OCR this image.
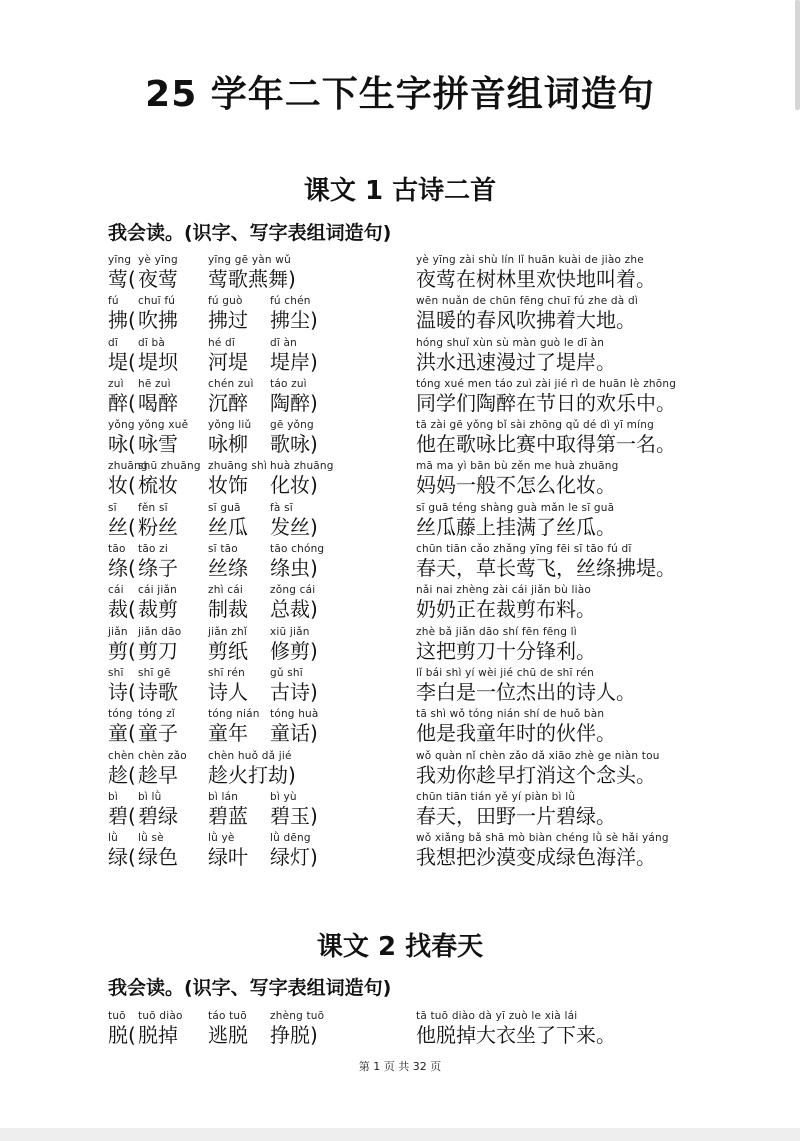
25 学年二下生字拼音组词造句
课文 1 古诗二首
我会读。(识字、写字表组词造句)
yīng
莺(
yè yīng
夜莺
yīng gē yàn wǔ
莺歌燕舞)
yè yīng zài shù lín lǐ huān kuài de jiào zhe
夜莺在树林里欢快地叫着。
fú
拂(
chuī fú
吹拂
fú guò
拂过
fú chén
拂尘)
wēn nuǎn de chūn fēng chuī fú zhe dà dì
温暖的春风吹拂着大地。
dī
堤(
dī bà
堤坝
hé dī
河堤
dī àn
堤岸)
hóng shuǐ xùn sù màn guò le dī àn
洪水迅速漫过了堤岸。
zuì
醉(
hē zuì
喝醉
chén zuì
沉醉
táo zuì
陶醉)
tóng xué men táo zuì zài jié rì de huān lè zhōng
同学们陶醉在节日的欢乐中。
yǒng
咏(
yǒng xuě
咏雪
yǒng liǔ
咏柳
gē yǒng
歌咏)
tā zài gē yǒng bǐ sài zhōng qǔ dé dì yī míng
他在歌咏比赛中取得第一名。
zhuāng
妆(
shū zhuāng
梳妆
zhuāng shì
妆饰
huà zhuāng
化妆)
mā ma yì bān bù zěn me huà zhuāng
妈妈一般不怎么化妆。
sī
丝(
fěn sī
粉丝
sī guā
丝瓜
fà sī
发丝)
sī guā téng shàng guà mǎn le sī guā
丝瓜藤上挂满了丝瓜。
tāo
绦(
tāo zi
绦子
sī tāo
丝绦
tāo chóng
绦虫)
chūn tiān cǎo zhǎng yīng fēi sī tāo fú dī
春天，草长莺飞，丝绦拂堤。
cái
裁(
cái jiǎn
裁剪
zhì cái
制裁
zǒng cái
总裁)
nǎi nai zhèng zài cái jiǎn bù liào
奶奶正在裁剪布料。
jiǎn
剪(
jiǎn dāo
剪刀
jiǎn zhǐ
剪纸
xiū jiǎn
修剪)
zhè bǎ jiǎn dāo shí fēn fēng lì
这把剪刀十分锋利。
shī
诗(
shī gē
诗歌
shī rén
诗人
gǔ shī
古诗)
lǐ bái shì yí wèi jié chū de shī rén
李白是一位杰出的诗人。
tóng
童(
tóng zǐ
童子
tóng nián
童年
tóng huà
童话)
tā shì wǒ tóng nián shí de huǒ bàn
他是我童年时的伙伴。
chèn
趁(
chèn zǎo
趁早
chèn huǒ dǎ jié
趁火打劫)
wǒ quàn nǐ chèn zǎo dǎ xiāo zhè ge niàn tou
我劝你趁早打消这个念头。
bì
碧(
bì lǜ
碧绿
bì lán
碧蓝
bì yù
碧玉)
chūn tiān tián yě yí piàn bì lǜ
春天，田野一片碧绿。
lǜ
绿(
lǜ sè
绿色
lǜ yè
绿叶
lǜ dēng
绿灯)
wǒ xiǎng bǎ shā mò biàn chéng lǜ sè hǎi yáng
我想把沙漠变成绿色海洋。
课文 2 找春天
我会读。(识字、写字表组词造句)
tuō
脱(
tuō diào
脱掉
táo tuō
逃脱
zhèng tuō
挣脱)
tā tuō diào dà yī zuò le xià lái
他脱掉大衣坐了下来。
第 1 页 共 32 页
